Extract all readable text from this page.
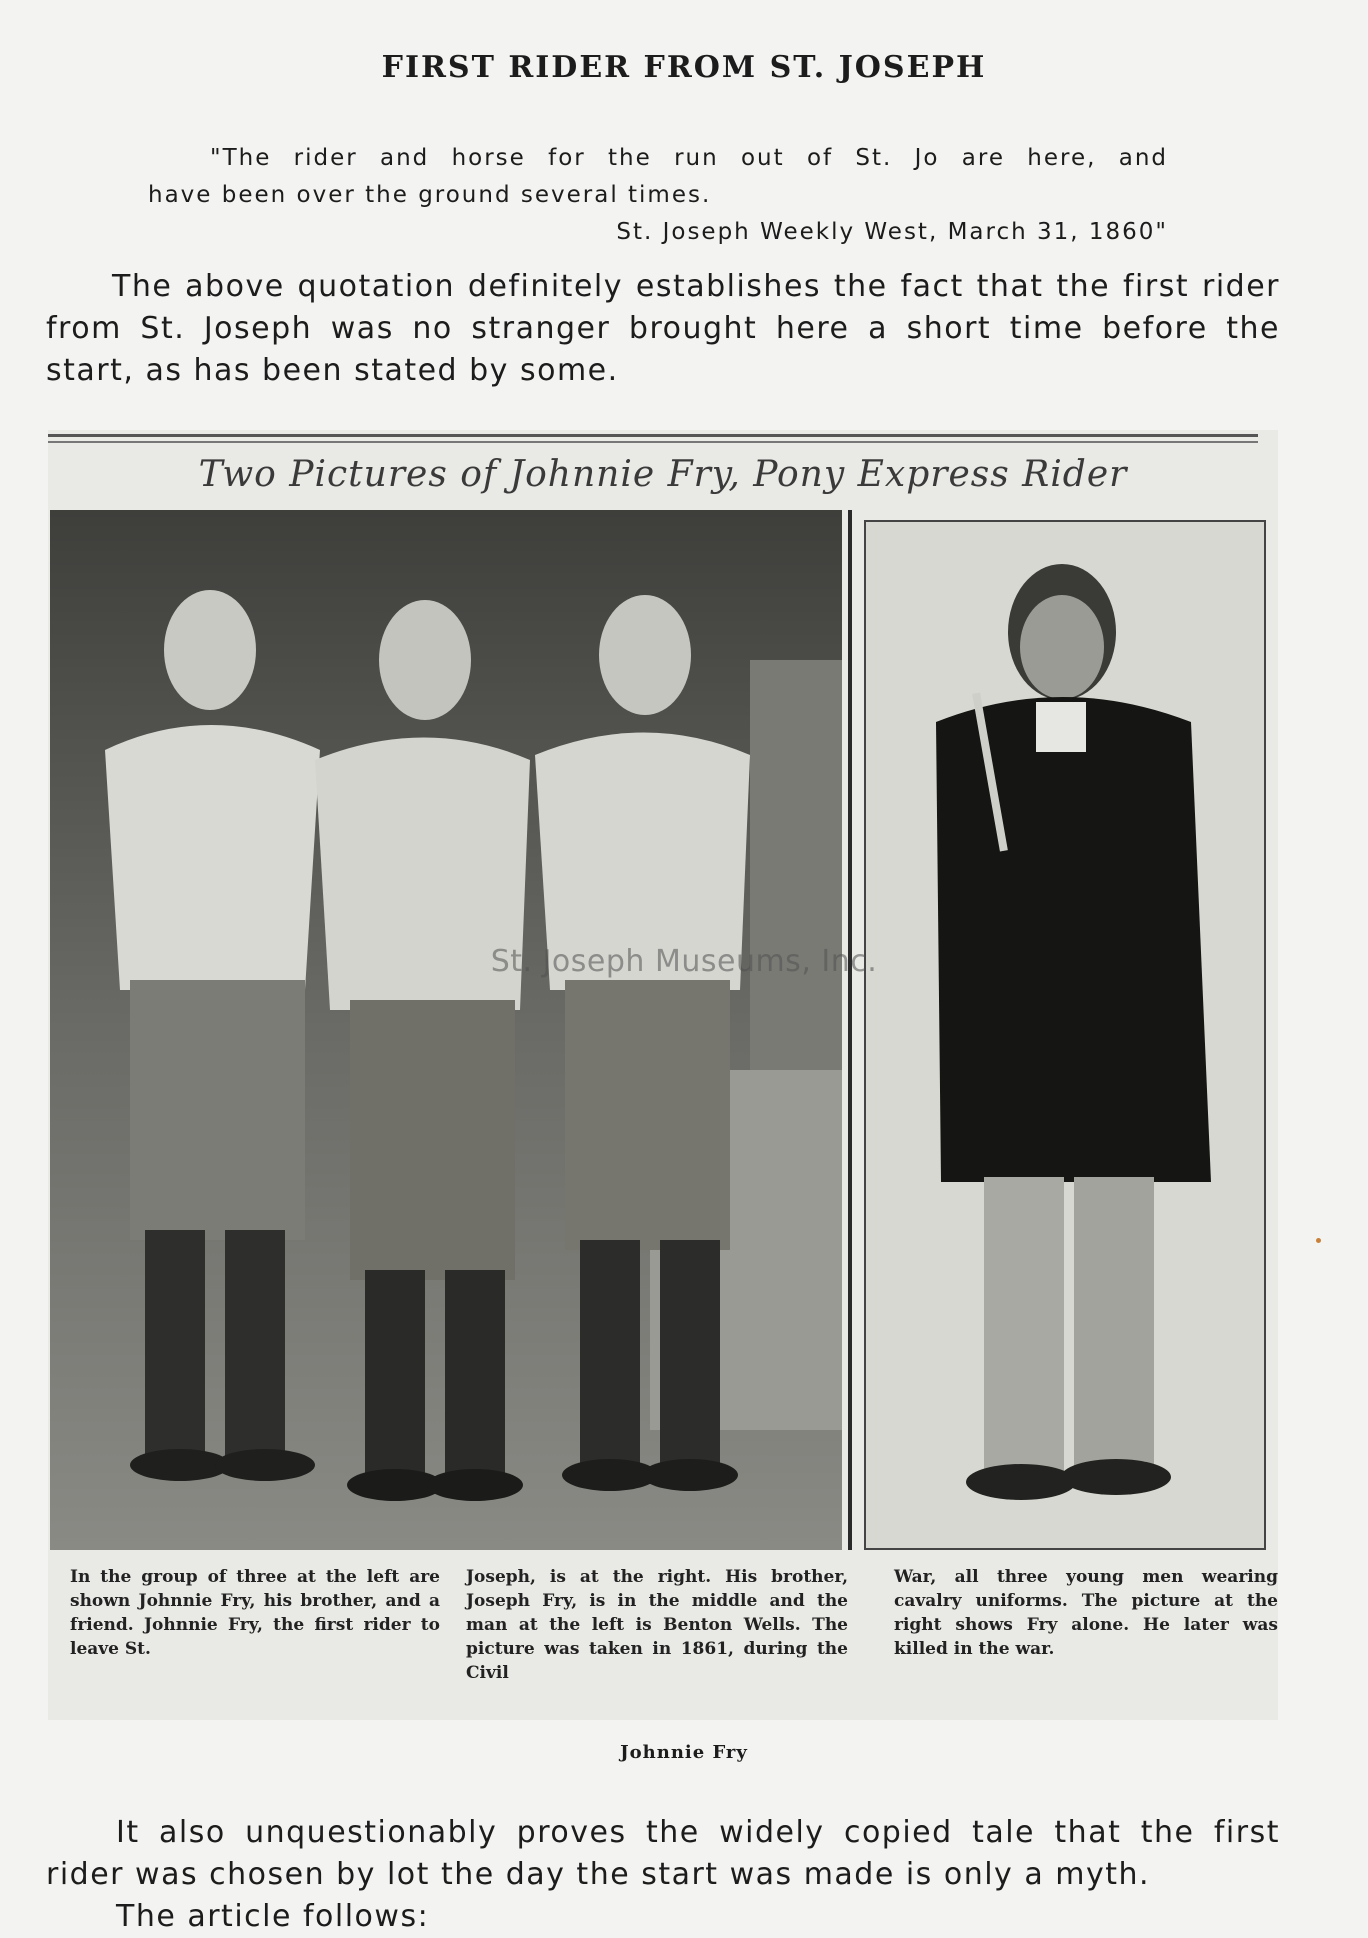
FIRST RIDER FROM ST. JOSEPH
"The rider and horse for the run out of St. Jo are here, and
have been over the ground several times.
St. Joseph Weekly West, March 31, 1860"
The above quotation definitely establishes the fact that the first rider from St. Joseph was no stranger brought here a short time before the start, as has been stated by some.
Two Pictures of Johnnie Fry, Pony Express Rider
In the group of three at the left are shown Johnnie Fry, his brother, and a friend. Johnnie Fry, the first rider to leave St.
Joseph, is at the right. His brother, Joseph Fry, is in the middle and the man at the left is Benton Wells. The picture was taken in 1861, during the Civil
War, all three young men wearing cavalry uniforms. The picture at the right shows Fry alone. He later was killed in the war.
St. Joseph Museums, Inc.
Johnnie Fry
It also unquestionably proves the widely copied tale that the first rider was chosen by lot the day the start was made is only a myth.
The article follows:
